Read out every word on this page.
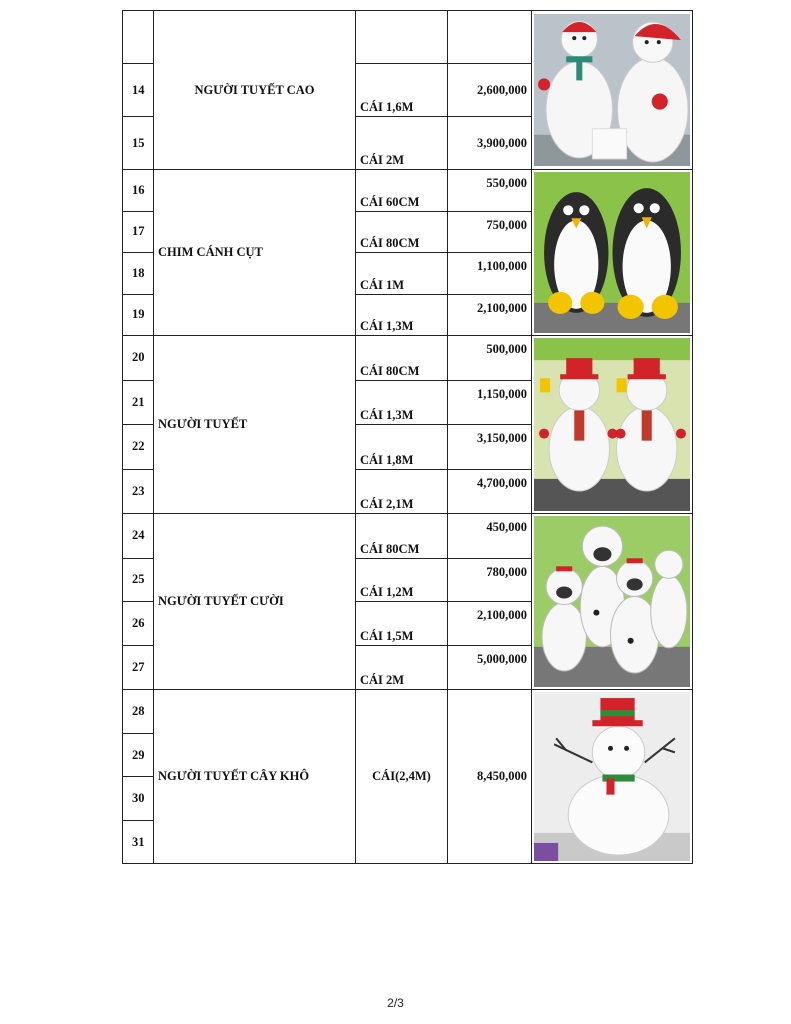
	NGƯỜI TUYẾT CAO			

14		CÁI 1,6M	2,600,000	
15		CÁI 2M	3,900,000	
16	CHIM CÁNH CỤT	CÁI 60CM	550,000	

17		CÁI 80CM	750,000	
18		CÁI 1M	1,100,000	
19		CÁI 1,3M	2,100,000	
20	NGƯỜI TUYẾT	CÁI 80CM	500,000	

21		CÁI 1,3M	1,150,000	
22		CÁI 1,8M	3,150,000	
23		CÁI 2,1M	4,700,000	
24	NGƯỜI TUYẾT CƯỜI	CÁI 80CM	450,000	

25		CÁI 1,2M	780,000	
26		CÁI 1,5M	2,100,000	
27		CÁI 2M	5,000,000	
28	NGƯỜI TUYẾT CÂY KHÔ	CÁI(2,4M)	8,450,000	

29				
30				
31				
2/3
